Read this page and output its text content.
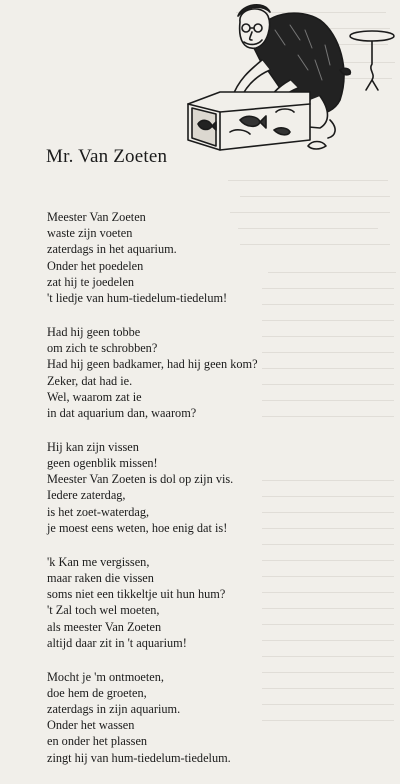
Mr. Van Zoeten
Meester Van Zoeten
waste zijn voeten
zaterdags in het aquarium.
Onder het poedelen
zat hij te joedelen
't liedje van hum-tiedelum-tiedelum!
Had hij geen tobbe
om zich te schrobben?
Had hij geen badkamer, had hij geen kom?
Zeker, dat had ie.
Wel, waarom zat ie
in dat aquarium dan, waarom?
Hij kan zijn vissen
geen ogenblik missen!
Meester Van Zoeten is dol op zijn vis.
Iedere zaterdag,
is het zoet-waterdag,
je moest eens weten, hoe enig dat is!
'k Kan me vergissen,
maar raken die vissen
soms niet een tikkeltje uit hun hum?
't Zal toch wel moeten,
als meester Van Zoeten
altijd daar zit in 't aquarium!
Mocht je 'm ontmoeten,
doe hem de groeten,
zaterdags in zijn aquarium.
Onder het wassen
en onder het plassen
zingt hij van hum-tiedelum-tiedelum.
